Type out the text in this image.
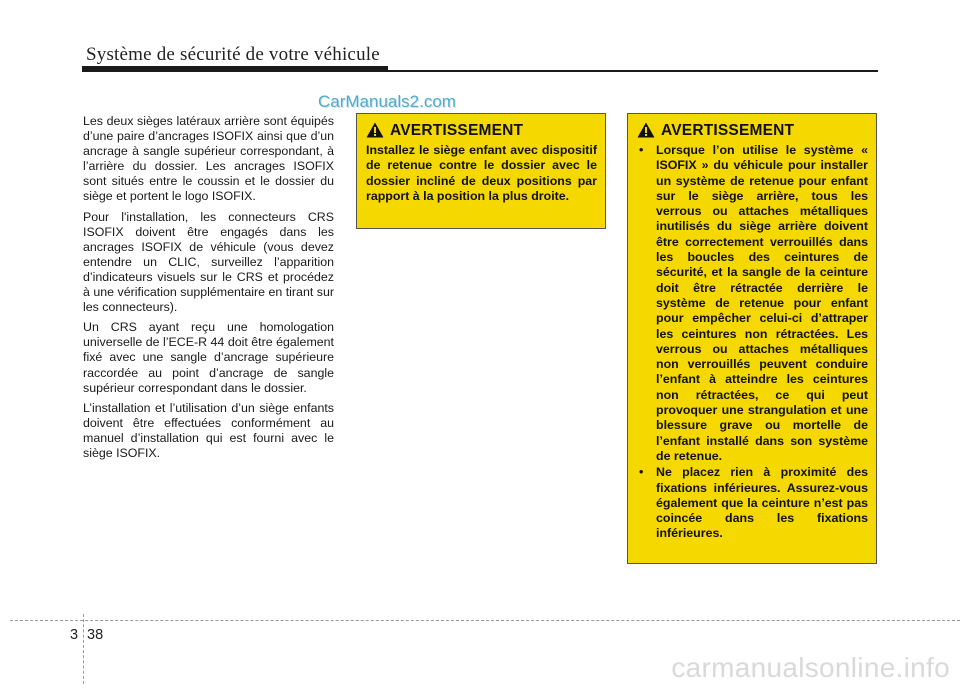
Système de sécurité de votre véhicule
CarManuals2.com

Les deux sièges latéraux arrière sont équipés d’une paire d’ancrages ISOFIX ainsi que d’un ancrage à sangle supérieur correspondant, à l’arrière du dossier. Les ancrages ISOFIX sont situés entre le coussin et le dossier du siège et portent le logo ISOFIX.

Pour l'installation, les connecteurs CRS ISOFIX doivent être engagés dans les ancrages ISOFIX de véhicule (vous devez entendre un CLIC, surveillez l’apparition d’indicateurs visuels sur le CRS et procédez à une vérification supplémentaire en tirant sur les connecteurs).

Un CRS ayant reçu une homologation universelle de l’ECE-R 44 doit être également fixé avec une sangle d’ancrage supérieure raccordée au point d’ancrage de sangle supérieur correspondant dans le dossier.

L’installation et l’utilisation d’un siège enfants doivent être effectuées conformément au manuel d’installation qui est fourni avec le siège ISOFIX.

AVERTISSEMENT

Installez le siège enfant avec dispositif de retenue contre le dossier avec le dossier incliné de deux positions par rapport à la position la plus droite.

AVERTISSEMENT
• Lorsque l’on utilise le système « ISOFIX » du véhicule pour installer un système de retenue pour enfant sur le siège arrière, tous les verrous ou attaches métalliques inutilisés du siège arrière doivent être correctement verrouillés dans les boucles des ceintures de sécurité, et la sangle de la ceinture doit être rétractée derrière le système de retenue pour enfant pour empêcher celui-ci d’attraper les ceintures non rétractées. Les verrous ou attaches métalliques non verrouillés peuvent conduire l’enfant à atteindre les ceintures non rétractées, ce qui peut provoquer une strangulation et une blessure grave ou mortelle de l’enfant installé dans son système de retenue.
• Ne placez rien à proximité des fixations inférieures. Assurez-vous également que la ceinture n’est pas coincée dans les fixations inférieures.
3 38
carmanualsonline.info
